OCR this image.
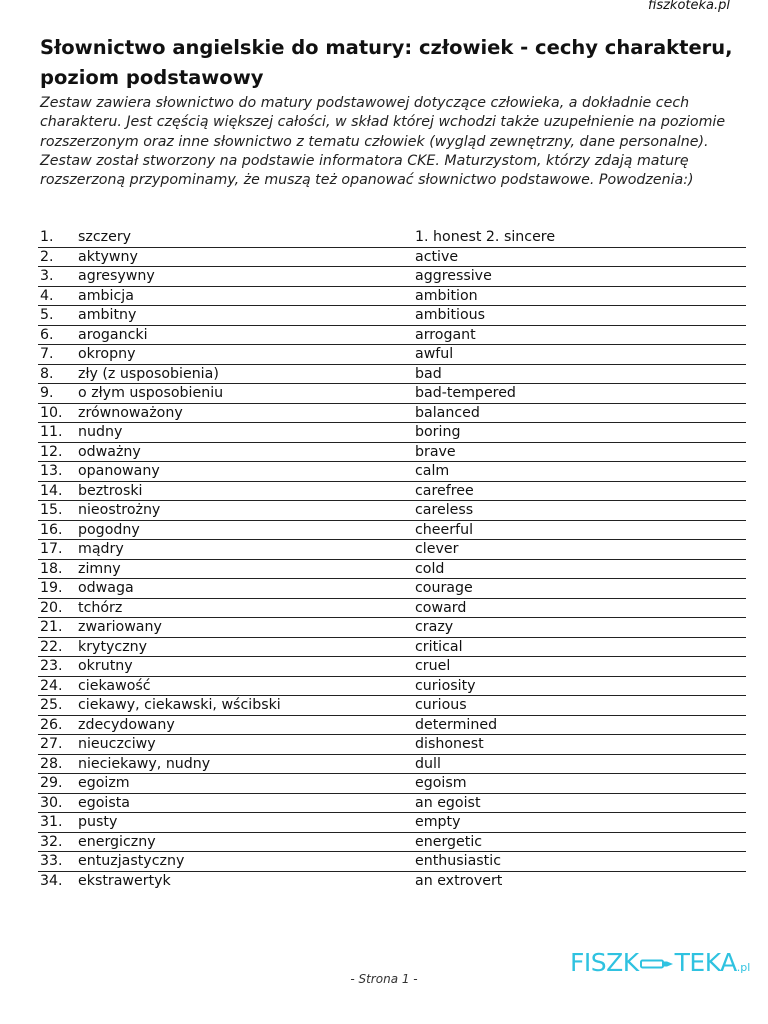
fiszkoteka.pl
Słownictwo angielskie do matury: człowiek - cechy charakteru, poziom podstawowy

Zestaw zawiera słownictwo do matury podstawowej dotyczące człowieka, a dokładnie cech charakteru. Jest częścią większej całości, w skład której wchodzi także uzupełnienie na poziomie rozszerzonym oraz inne słownictwo z tematu człowiek (wygląd zewnętrzny, dane personalne). Zestaw został stworzony na podstawie informatora CKE. Maturzystom, którzy zdają maturę rozszerzoną przypominamy, że muszą też opanować słownictwo podstawowe. Powodzenia:)

1. szczery	1. honest 2. sincere
2. aktywny	active
3. agresywny	aggressive
4. ambicja	ambition
5. ambitny	ambitious
6. arogancki	arrogant
7. okropny	awful
8. zły (z usposobienia)	bad
9. o złym usposobieniu	bad-tempered
10. zrównoważony	balanced
11. nudny	boring
12. odważny	brave
13. opanowany	calm
14. beztroski	carefree
15. nieostrożny	careless
16. pogodny	cheerful
17. mądry	clever
18. zimny	cold
19. odwaga	courage
20. tchórz	coward
21. zwariowany	crazy
22. krytyczny	critical
23. okrutny	cruel
24. ciekawość	curiosity
25. ciekawy, ciekawski, wścibski	curious
26. zdecydowany	determined
27. nieuczciwy	dishonest
28. nieciekawy, nudny	dull
29. egoizm	egoism
30. egoista	an egoist
31. pusty	empty
32. energiczny	energetic
33. entuzjastyczny	enthusiastic
34. ekstrawertyk	an extrovert
FISZK TEKA.pl
- Strona 1 -
